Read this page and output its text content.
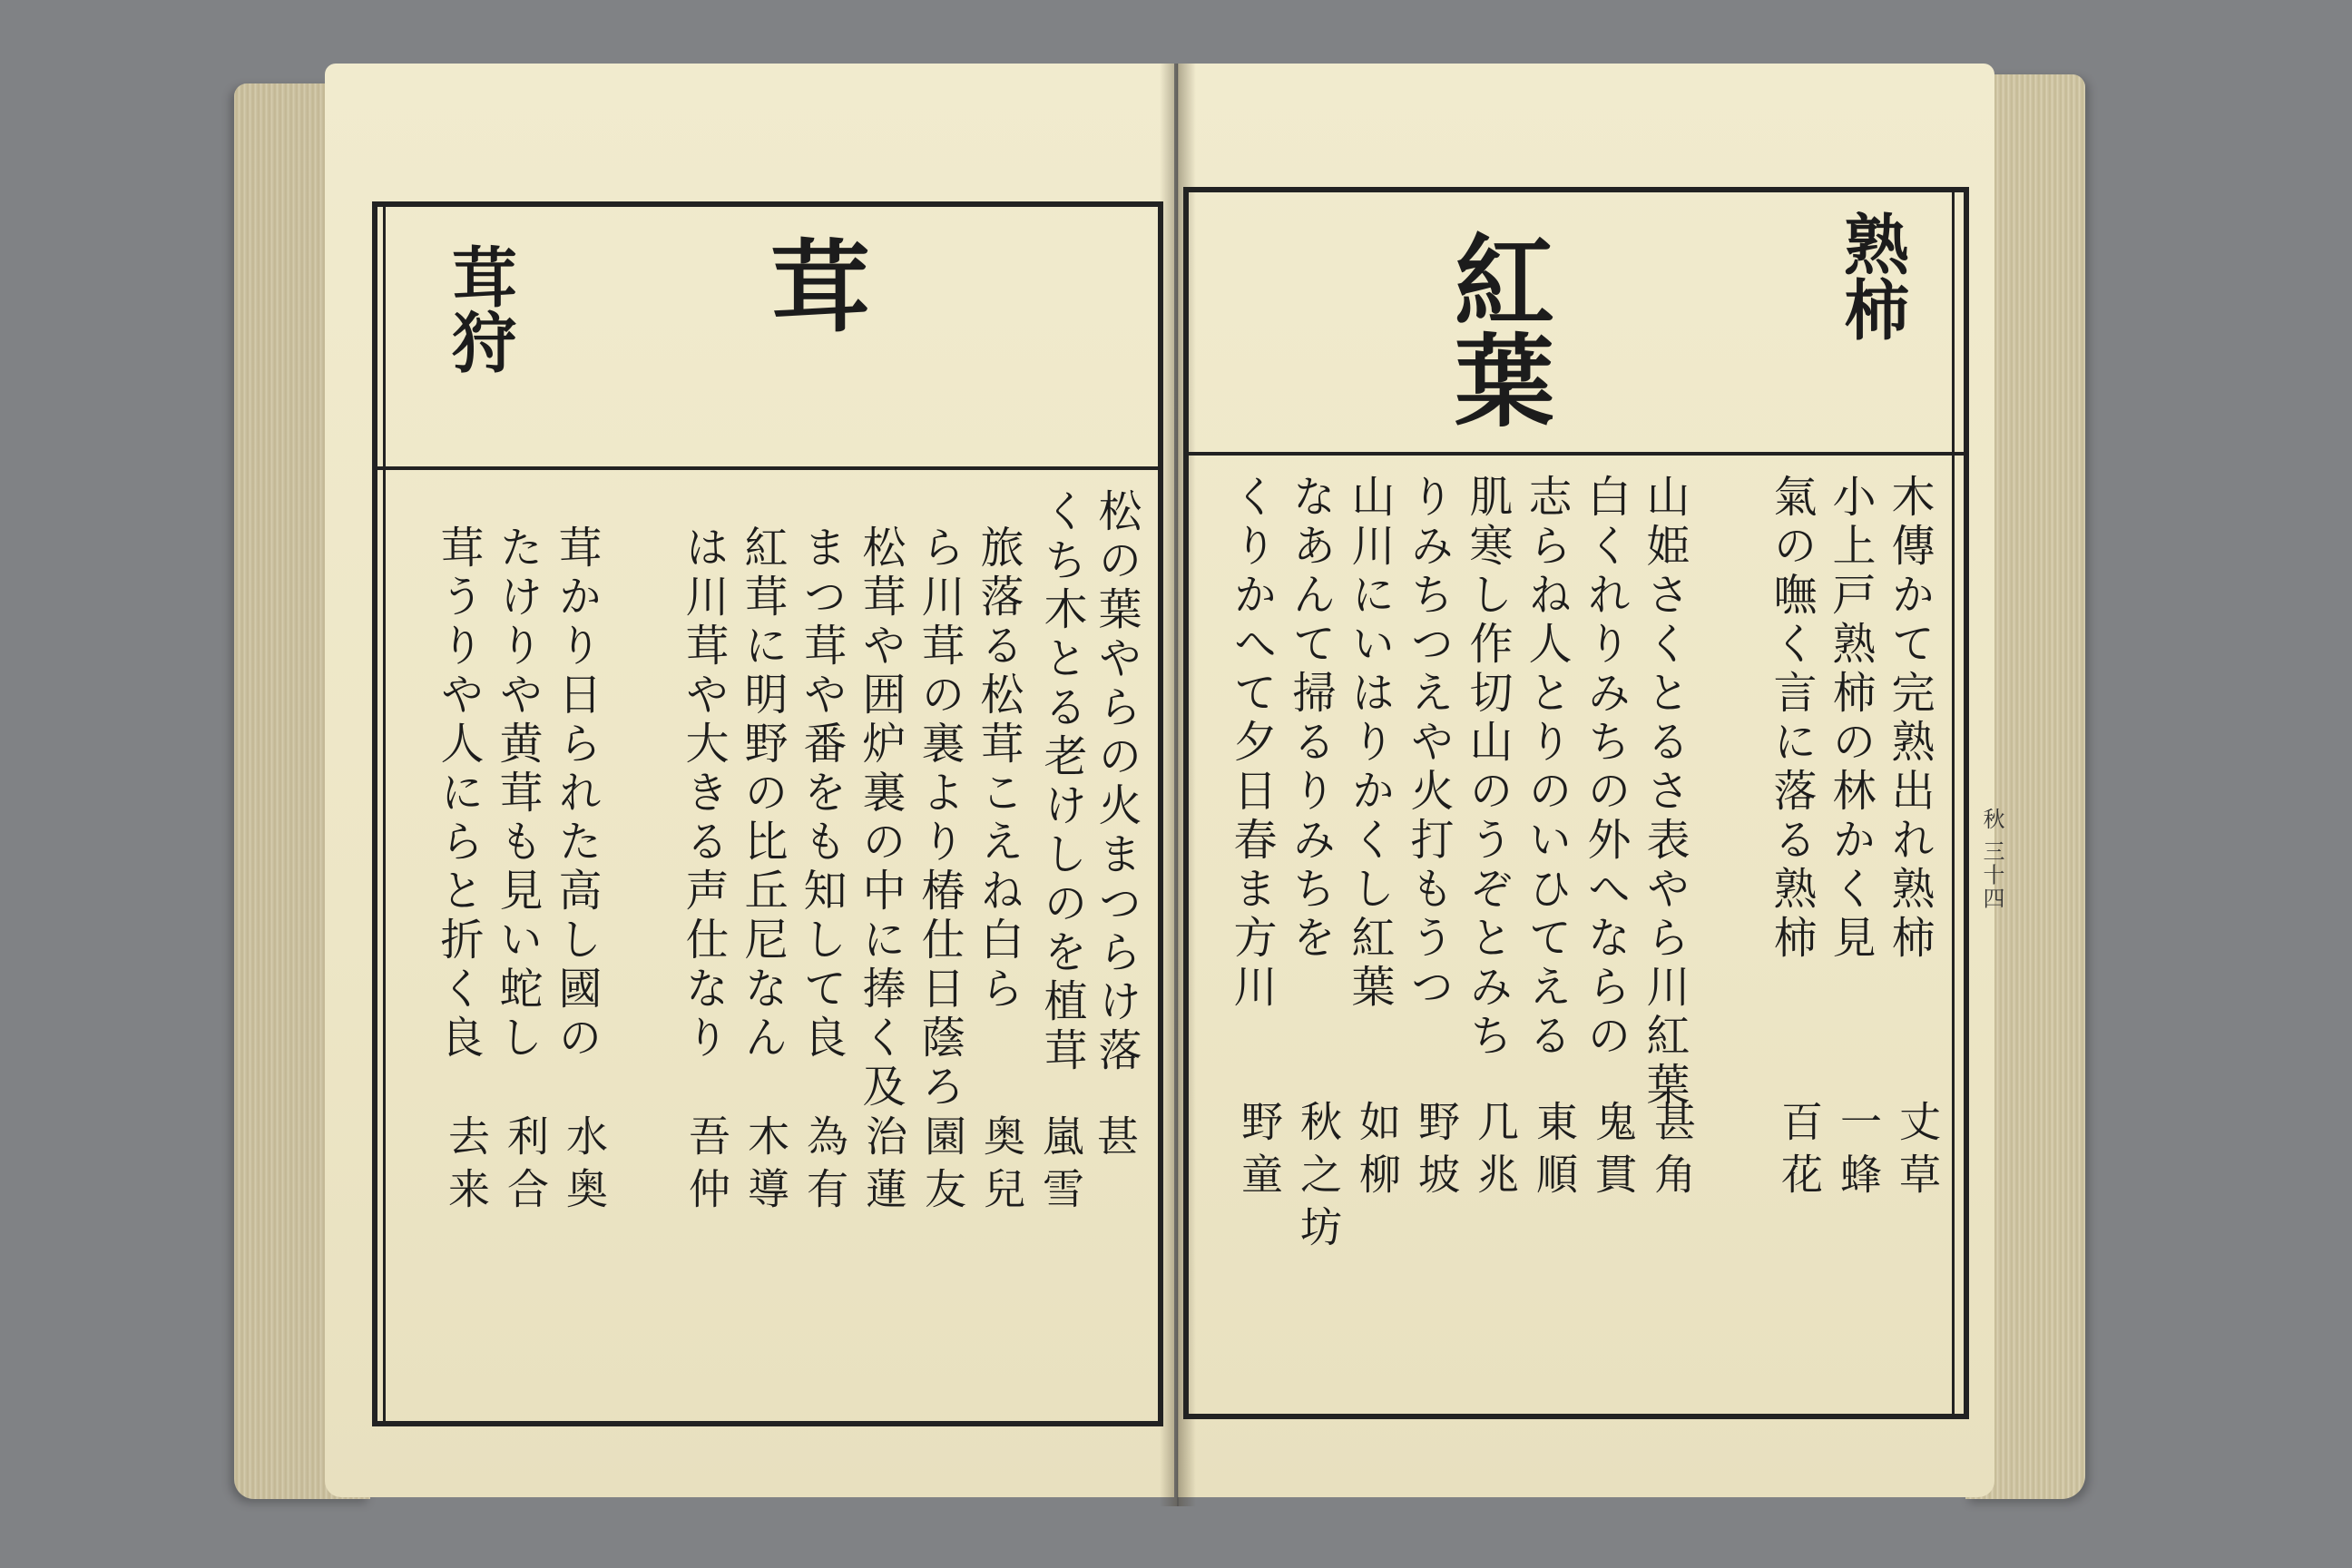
茸
茸狩
松の葉やらの火まつらけ落
くち木とる老けしのを植茸
旅落る松茸こえね白ら
ら川茸の裏より椿仕日蔭ろ
松茸や囲炉裏の中に捧く及
まつ茸や番をも知して良
紅茸に明野の比丘尼なん
は川茸や大きる声仕なり
茸かり日られた高し國の
たけりや黄茸も見い蛇し
茸うりや人にらと折く良
甚
嵐雪
奥兒
園友
治蓮
為有
木導
吾仲
水奥
利合
去来
紅葉	熟柿
木傳かて完熟出れ熟柿
小上戸熟柿の林かく見
氣の嘸く言に落る熟柿
山姫さくとるさ表やら川紅葉
白くれりみちの外へならの
志らね人とりのいひてえる
肌寒し作切山のうぞとみち
りみちつえや火打もうつ
山川にいはりかくし紅葉
なあんて掃るりみちを
くりかへて夕日春ま方川
丈草
一蜂
百花
甚角
鬼貫
東順
几兆
野坡
如柳
秋之坊
野童
秋 三十四
